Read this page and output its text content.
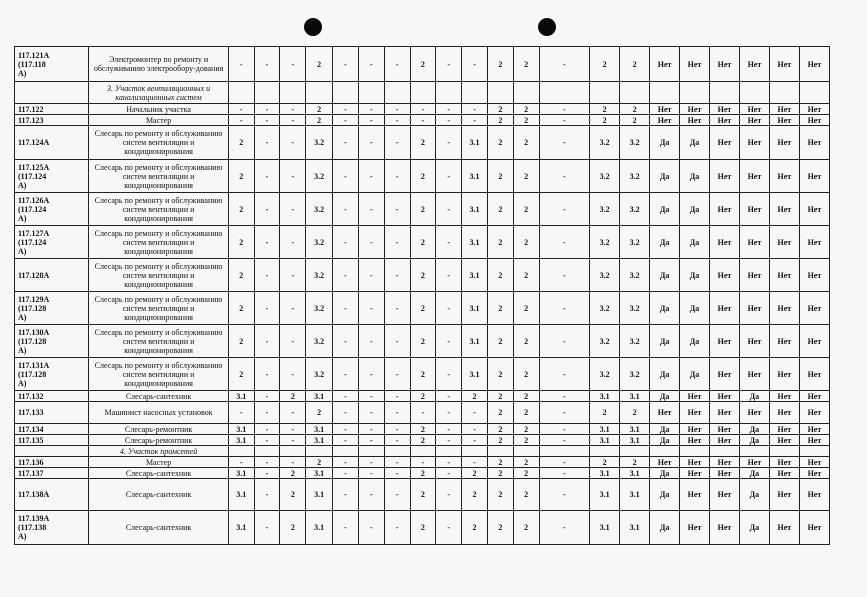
117.121А
(117.118
А)	Электромонтер по ремонту и обслуживанию электрообору-дования	-	-	-	2	-	-	-	2	-	-	2	2	-	2	2	Нет	Нет	Нет	Нет	Нет	Нет
	3. Участок вентиляционных и канализационных систем																					
117.122	Начальник участка	-	-	-	2	-	-	-	-	-	-	2	2	-	2	2	Нет	Нет	Нет	Нет	Нет	Нет
117.123	Мастер	-	-	-	2	-	-	-	-	-	-	2	2	-	2	2	Нет	Нет	Нет	Нет	Нет	Нет
117.124А	Слесарь по ремонту и обслуживанию систем вентиляции и кондиционирования	2	-	-	3.2	-	-	-	2	-	3.1	2	2	-	3.2	3.2	Да	Да	Нет	Нет	Нет	Нет
117.125А
(117.124
А)	Слесарь по ремонту и обслуживанию систем вентиляции и кондиционирования	2	-	-	3.2	-	-	-	2	-	3.1	2	2	-	3.2	3.2	Да	Да	Нет	Нет	Нет	Нет
117.126А
(117.124
А)	Слесарь по ремонту и обслуживанию систем вентиляции и кондиционирования	2	-	-	3.2	-	-	-	2	-	3.1	2	2	-	3.2	3.2	Да	Да	Нет	Нет	Нет	Нет
117.127А
(117.124
А)	Слесарь по ремонту и обслуживанию систем вентиляции и кондиционирования	2	-	-	3.2	-	-	-	2	-	3.1	2	2	-	3.2	3.2	Да	Да	Нет	Нет	Нет	Нет
117.128А	Слесарь по ремонту и обслуживанию систем вентиляции и кондиционирования	2	-	-	3.2	-	-	-	2	-	3.1	2	2	-	3.2	3.2	Да	Да	Нет	Нет	Нет	Нет
117.129А
(117.128
А)	Слесарь по ремонту и обслуживанию систем вентиляции и кондиционирования	2	-	-	3.2	-	-	-	2	-	3.1	2	2	-	3.2	3.2	Да	Да	Нет	Нет	Нет	Нет
117.130А
(117.128
А)	Слесарь по ремонту и обслуживанию систем вентиляции и кондиционирования	2	-	-	3.2	-	-	-	2	-	3.1	2	2	-	3.2	3.2	Да	Да	Нет	Нет	Нет	Нет
117.131А
(117.128
А)	Слесарь по ремонту и обслуживанию систем вентиляции и кондиционирования	2	-	-	3.2	-	-	-	2	-	3.1	2	2	-	3.2	3.2	Да	Да	Нет	Нет	Нет	Нет
117.132	Слесарь-сантехник	3.1	-	2	3.1	-	-	-	2	-	2	2	2	-	3.1	3.1	Да	Нет	Нет	Да	Нет	Нет
117.133	Машинист насосных установок	-	-	-	2	-	-	-	-	-	-	2	2	-	2	2	Нет	Нет	Нет	Нет	Нет	Нет
117.134	Слесарь-ремонтник	3.1	-	-	3.1	-	-	-	2	-	-	2	2	-	3.1	3.1	Да	Нет	Нет	Да	Нет	Нет
117.135	Слесарь-ремонтник	3.1	-	-	3.1	-	-	-	2	-	-	2	2	-	3.1	3.1	Да	Нет	Нет	Да	Нет	Нет
	4. Участок промсетей																					
117.136	Мастер	-	-	-	2	-	-	-	-	-	-	2	2	-	2	2	Нет	Нет	Нет	Нет	Нет	Нет
117.137	Слесарь-сантехник	3.1	-	2	3.1	-	-	-	2	-	2	2	2	-	3.1	3.1	Да	Нет	Нет	Да	Нет	Нет
117.138А	Слесарь-сантехник	3.1	-	2	3.1	-	-	-	2	-	2	2	2	-	3.1	3.1	Да	Нет	Нет	Да	Нет	Нет
117.139А
(117.138
А)	Слесарь-сантехник	3.1	-	2	3.1	-	-	-	2	-	2	2	2	-	3.1	3.1	Да	Нет	Нет	Да	Нет	Нет
